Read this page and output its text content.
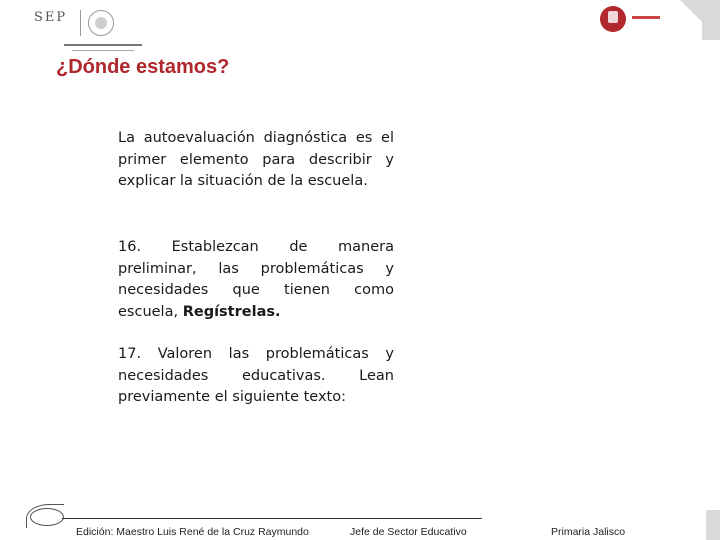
SEP
¿Dónde estamos?

La autoevaluación diagnóstica es el primer elemento para describir y explicar la situación de la escuela.

16. Establezcan de manera preliminar, las problemáticas y necesidades que tienen como escuela, Regístrelas.

17. Valoren las problemáticas y necesidades educativas. Lean previamente el siguiente texto:

Edición: Maestro Luis René de la Cruz Raymundo	Jefe de Sector Educativo	Primaria Jalisco
